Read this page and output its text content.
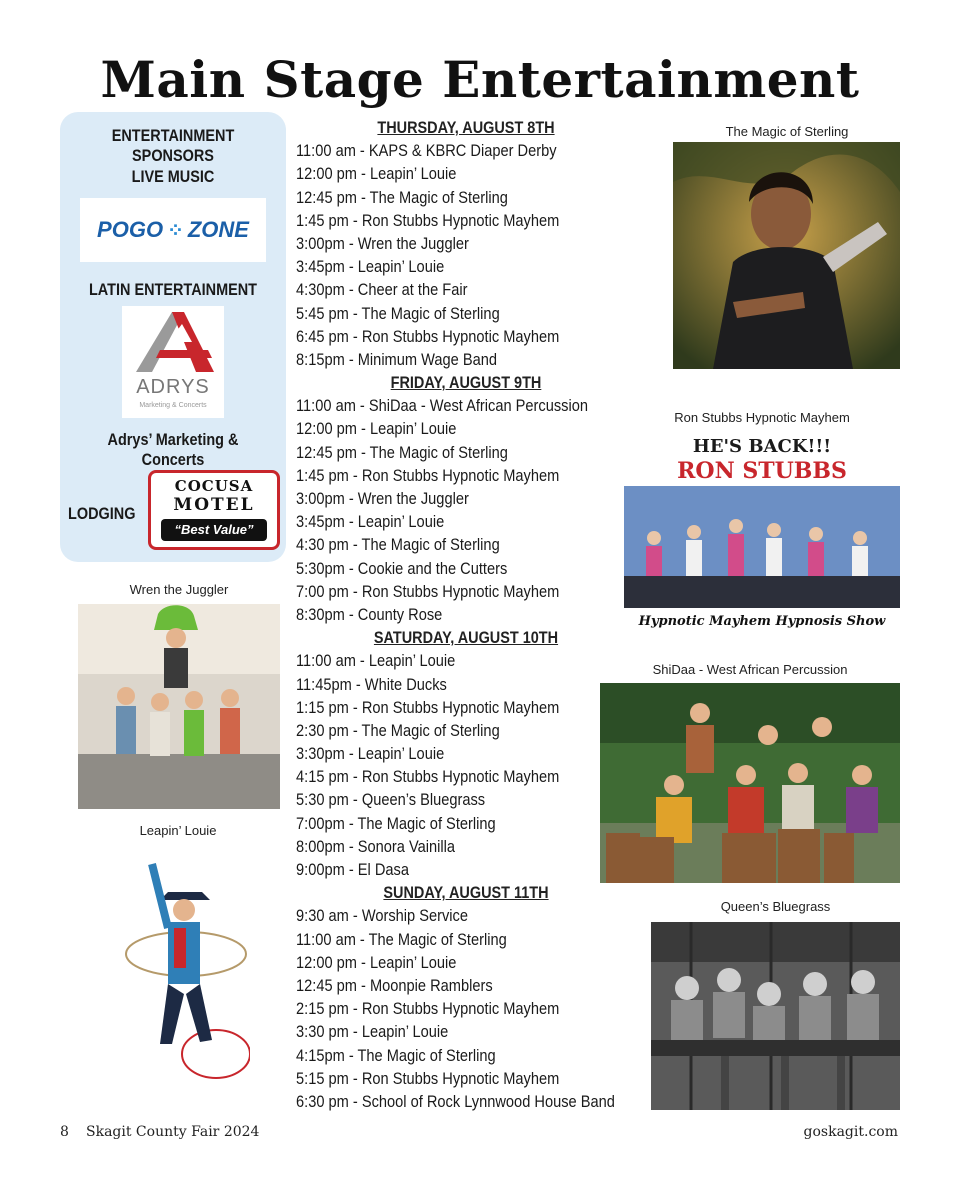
Main Stage Entertainment
ENTERTAINMENT SPONSORS
LIVE MUSIC
POGO ⁘ ZONE
LATIN ENTERTAINMENT
ADRYS
Marketing & Concerts
Adrys’ Marketing & Concerts
LODGING
COCUSA
MOTEL
“Best Value”
THURSDAY, AUGUST 8TH
11:00 am - KAPS & KBRC Diaper Derby
12:00 pm - Leapin’ Louie
12:45 pm - The Magic of Sterling
1:45 pm - Ron Stubbs Hypnotic Mayhem
3:00pm - Wren the Juggler
3:45pm - Leapin’ Louie
4:30pm - Cheer at the Fair
5:45 pm - The Magic of Sterling
6:45 pm - Ron Stubbs Hypnotic Mayhem
8:15pm - Minimum Wage Band
FRIDAY, AUGUST 9TH
11:00 am - ShiDaa - West African Percussion
12:00 pm - Leapin’ Louie
12:45 pm - The Magic of Sterling
1:45 pm - Ron Stubbs Hypnotic Mayhem
3:00pm - Wren the Juggler
3:45pm - Leapin’ Louie
4:30 pm - The Magic of Sterling
5:30pm - Cookie and the Cutters
7:00 pm - Ron Stubbs Hypnotic Mayhem
8:30pm - County Rose
SATURDAY, AUGUST 10TH
11:00 am - Leapin’ Louie
11:45pm - White Ducks
1:15 pm - Ron Stubbs Hypnotic Mayhem
2:30 pm - The Magic of Sterling
3:30pm - Leapin’ Louie
4:15 pm - Ron Stubbs Hypnotic Mayhem
5:30 pm - Queen’s Bluegrass
7:00pm - The Magic of Sterling
8:00pm - Sonora Vainilla
9:00pm - El Dasa
SUNDAY, AUGUST 11TH
9:30 am - Worship Service
11:00 am - The Magic of Sterling
12:00 pm - Leapin’ Louie
12:45 pm - Moonpie Ramblers
2:15 pm - Ron Stubbs Hypnotic Mayhem
3:30 pm - Leapin’ Louie
4:15pm - The Magic of Sterling
5:15 pm - Ron Stubbs Hypnotic Mayhem
6:30 pm - School of Rock Lynnwood House Band
The Magic of Sterling
Ron Stubbs Hypnotic Mayhem
HE'S BACK!!!
RON STUBBS
Hypnotic Mayhem Hypnosis Show
ShiDaa - West African Percussion
Queen’s Bluegrass
Wren the Juggler
Leapin’ Louie
8 Skagit County Fair 2024	goskagit.com
